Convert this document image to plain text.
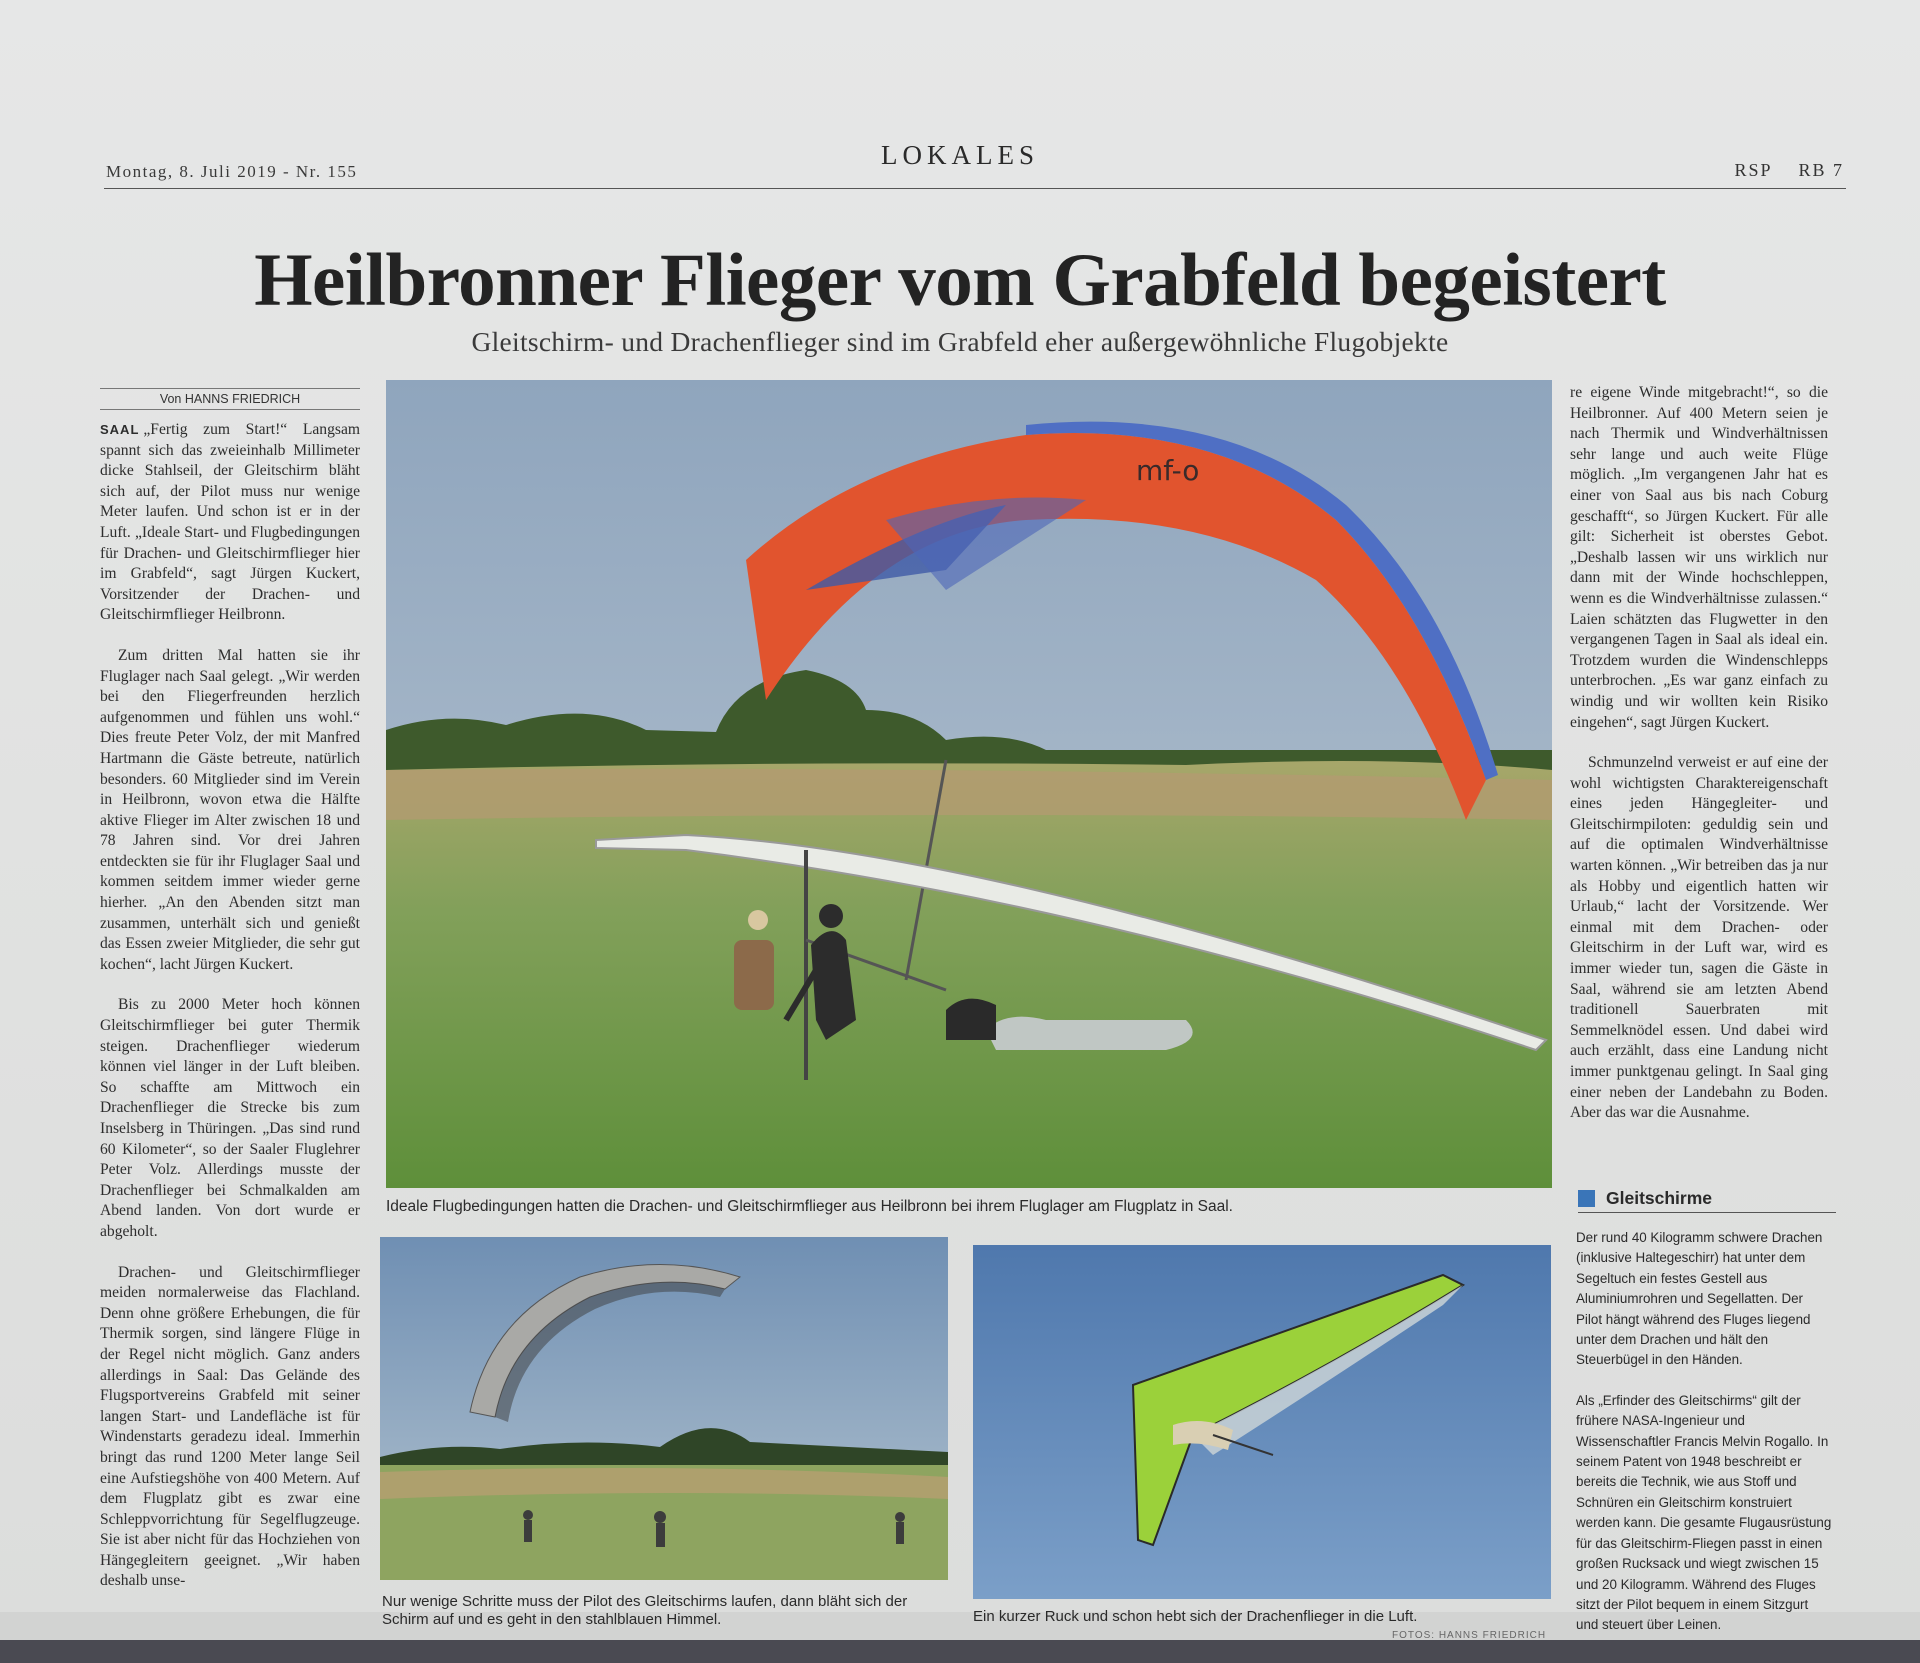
Montag, 8. Juli 2019 - Nr. 155
LOKALES	RSP RB 7
Heilbronner Flieger vom Grabfeld begeistert
Gleitschirm- und Drachenflieger sind im Grabfeld eher außergewöhnliche Flugobjekte
Von HANNS FRIEDRICH

SAAL „Fertig zum Start!“ Langsam spannt sich das zweieinhalb Millimeter dicke Stahlseil, der Gleitschirm bläht sich auf, der Pilot muss nur wenige Meter laufen. Und schon ist er in der Luft. „Ideale Start- und Flugbedingungen für Drachen- und Gleitschirmflieger hier im Grabfeld“, sagt Jürgen Kuckert, Vorsitzender der Drachen- und Gleitschirmflieger Heilbronn.

Zum dritten Mal hatten sie ihr Fluglager nach Saal gelegt. „Wir werden bei den Fliegerfreunden herzlich aufgenommen und fühlen uns wohl.“ Dies freute Peter Volz, der mit Manfred Hartmann die Gäste betreute, natürlich besonders. 60 Mitglieder sind im Verein in Heilbronn, wovon etwa die Hälfte aktive Flieger im Alter zwischen 18 und 78 Jahren sind. Vor drei Jahren entdeckten sie für ihr Fluglager Saal und kommen seitdem immer wieder gerne hierher. „An den Abenden sitzt man zusammen, unterhält sich und genießt das Essen zweier Mitglieder, die sehr gut kochen“, lacht Jürgen Kuckert.

Bis zu 2000 Meter hoch können Gleitschirmflieger bei guter Thermik steigen. Drachenflieger wiederum können viel länger in der Luft bleiben. So schaffte am Mittwoch ein Drachenflieger die Strecke bis zum Inselsberg in Thüringen. „Das sind rund 60 Kilometer“, so der Saaler Fluglehrer Peter Volz. Allerdings musste der Drachenflieger bei Schmalkalden am Abend landen. Von dort wurde er abgeholt.

Drachen- und Gleitschirmflieger meiden normalerweise das Flachland. Denn ohne größere Erhebungen, die für Thermik sorgen, sind längere Flüge in der Regel nicht möglich. Ganz anders allerdings in Saal: Das Gelände des Flugsportvereins Grabfeld mit seiner langen Start- und Landefläche ist für Windenstarts geradezu ideal. Immerhin bringt das rund 1200 Meter lange Seil eine Aufstiegshöhe von 400 Metern. Auf dem Flugplatz gibt es zwar eine Schleppvorrichtung für Segelflugzeuge. Sie ist aber nicht für das Hochziehen von Hängegleitern geeignet. „Wir haben deshalb unse-

mf-o
Ideale Flugbedingungen hatten die Drachen- und Gleitschirmflieger aus Heilbronn bei ihrem Fluglager am Flugplatz in Saal.
Nur wenige Schritte muss der Pilot des Gleitschirms laufen, dann bläht sich der Schirm auf und es geht in den stahlblauen Himmel.	Ein kurzer Ruck und schon hebt sich der Drachenflieger in die Luft.
FOTOS: HANNS FRIEDRICH

re eigene Winde mitgebracht!“, so die Heilbronner. Auf 400 Metern seien je nach Thermik und Windverhältnissen sehr lange und auch weite Flüge möglich. „Im vergangenen Jahr hat es einer von Saal aus bis nach Coburg geschafft“, so Jürgen Kuckert. Für alle gilt: Sicherheit ist oberstes Gebot. „Deshalb lassen wir uns wirklich nur dann mit der Winde hochschleppen, wenn es die Windverhältnisse zulassen.“ Laien schätzten das Flugwetter in den vergangenen Tagen in Saal als ideal ein. Trotzdem wurden die Windenschlepps unterbrochen. „Es war ganz einfach zu windig und wir wollten kein Risiko eingehen“, sagt Jürgen Kuckert.

Schmunzelnd verweist er auf eine der wohl wichtigsten Charaktereigenschaft eines jeden Hängegleiter- und Gleitschirmpiloten: geduldig sein und auf die optimalen Windverhältnisse warten können. „Wir betreiben das ja nur als Hobby und eigentlich hatten wir Urlaub,“ lacht der Vorsitzende. Wer einmal mit dem Drachen- oder Gleitschirm in der Luft war, wird es immer wieder tun, sagen die Gäste in Saal, während sie am letzten Abend traditionell Sauerbraten mit Semmelknödel essen. Und dabei wird auch erzählt, dass eine Landung nicht immer punktgenau gelingt. In Saal ging einer neben der Landebahn zu Boden. Aber das war die Ausnahme.

Gleitschirme

Der rund 40 Kilogramm schwere Drachen (inklusive Haltegeschirr) hat unter dem Segeltuch ein festes Gestell aus Aluminiumrohren und Segellatten. Der Pilot hängt während des Fluges liegend unter dem Drachen und hält den Steuerbügel in den Händen.

Als „Erfinder des Gleitschirms“ gilt der frühere NASA-Ingenieur und Wissenschaftler Francis Melvin Rogallo. In seinem Patent von 1948 beschreibt er bereits die Technik, wie aus Stoff und Schnüren ein Gleitschirm konstruiert werden kann. Die gesamte Flugausrüstung für das Gleitschirm-Fliegen passt in einen großen Rucksack und wiegt zwischen 15 und 20 Kilogramm. Während des Fluges sitzt der Pilot bequem in einem Sitzgurt und steuert über Leinen.
